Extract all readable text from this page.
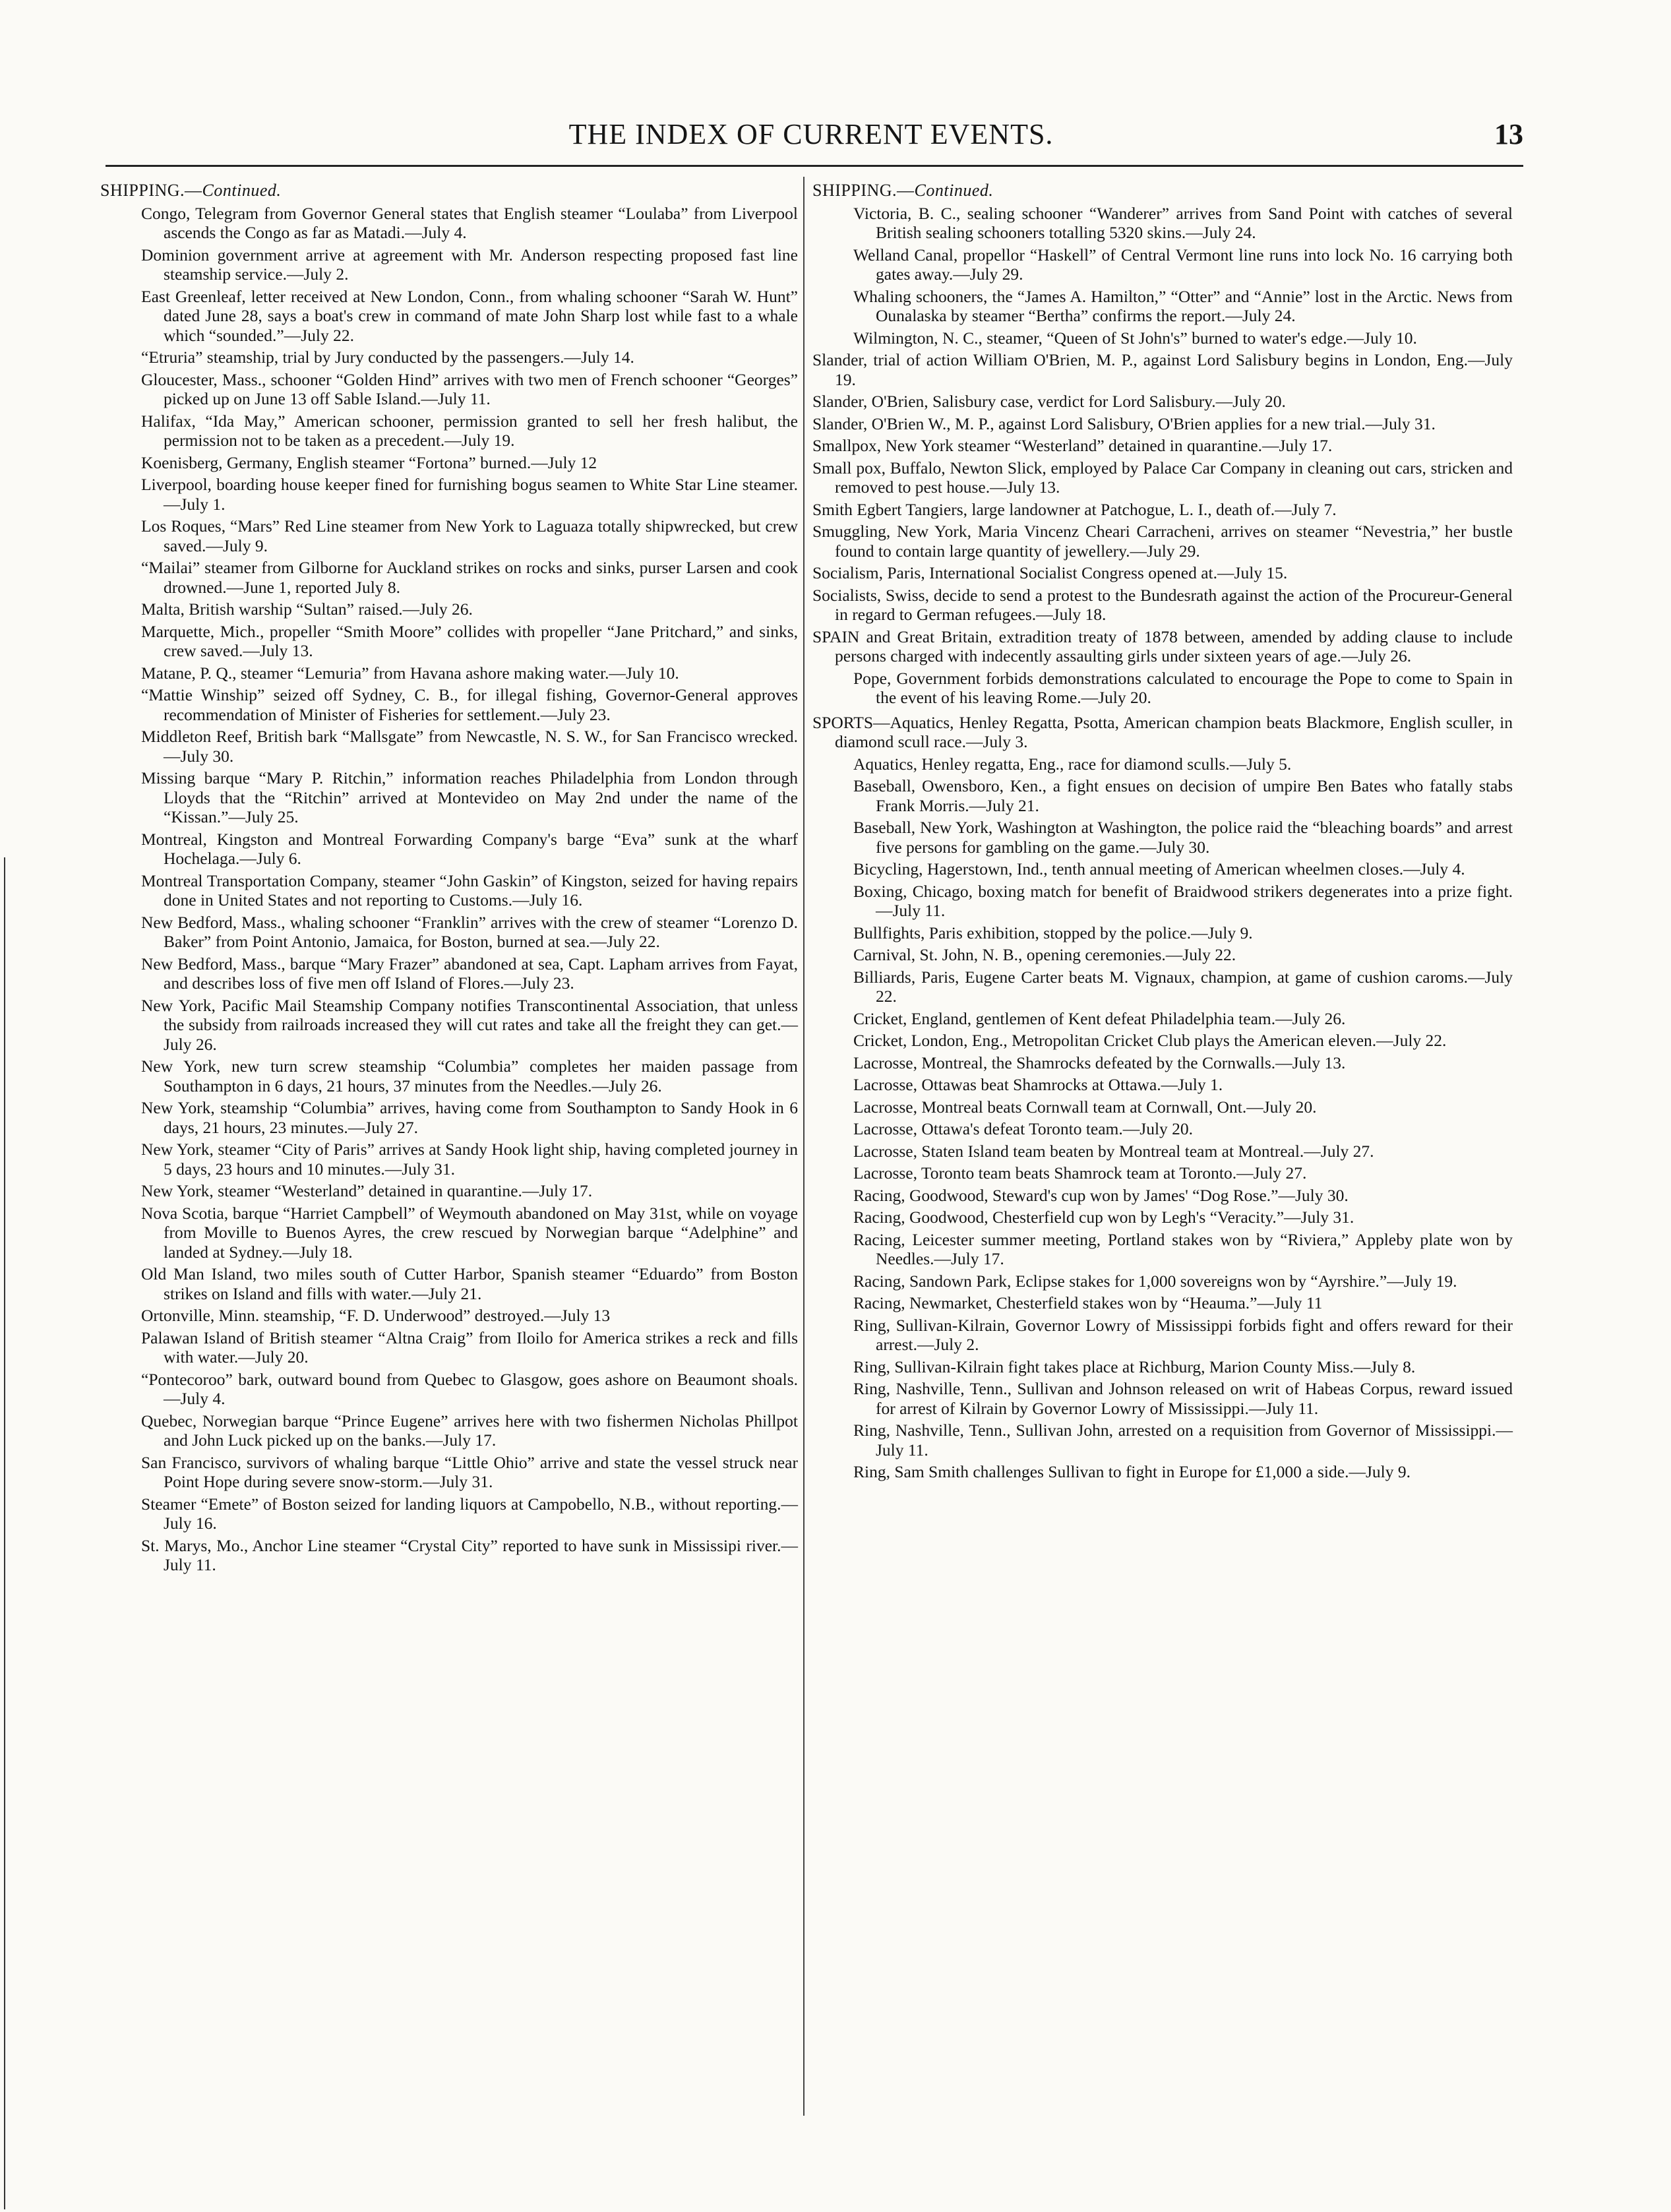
THE INDEX OF CURRENT EVENTS.	13
SHIPPING.—Continued.
Congo, Telegram from Governor General states that English steamer “Loulaba” from Liverpool ascends the Congo as far as Matadi.—July 4.
Dominion government arrive at agreement with Mr. Anderson respecting proposed fast line steamship service.—July 2.
East Greenleaf, letter received at New London, Conn., from whaling schooner “Sarah W. Hunt” dated June 28, says a boat's crew in command of mate John Sharp lost while fast to a whale which “sounded.”—July 22.
“Etruria” steamship, trial by Jury conducted by the passengers.—July 14.
Gloucester, Mass., schooner “Golden Hind” arrives with two men of French schooner “Georges” picked up on June 13 off Sable Island.—July 11.
Halifax, “Ida May,” American schooner, permission granted to sell her fresh halibut, the permission not to be taken as a precedent.—July 19.
Koenisberg, Germany, English steamer “Fortona” burned.—July 12
Liverpool, boarding house keeper fined for furnishing bogus seamen to White Star Line steamer.—July 1.
Los Roques, “Mars” Red Line steamer from New York to Laguaza totally shipwrecked, but crew saved.—July 9.
“Mailai” steamer from Gilborne for Auckland strikes on rocks and sinks, purser Larsen and cook drowned.—June 1, reported July 8.
Malta, British warship “Sultan” raised.—July 26.
Marquette, Mich., propeller “Smith Moore” collides with propeller “Jane Pritchard,” and sinks, crew saved.—July 13.
Matane, P. Q., steamer “Lemuria” from Havana ashore making water.—July 10.
“Mattie Winship” seized off Sydney, C. B., for illegal fishing, Governor-General approves recommendation of Minister of Fisheries for settlement.—July 23.
Middleton Reef, British bark “Mallsgate” from Newcastle, N. S. W., for San Francisco wrecked.—July 30.
Missing barque “Mary P. Ritchin,” information reaches Philadelphia from London through Lloyds that the “Ritchin” arrived at Montevideo on May 2nd under the name of the “Kissan.”—July 25.
Montreal, Kingston and Montreal Forwarding Company's barge “Eva” sunk at the wharf Hochelaga.—July 6.
Montreal Transportation Company, steamer “John Gaskin” of Kingston, seized for having repairs done in United States and not reporting to Customs.—July 16.
New Bedford, Mass., whaling schooner “Franklin” arrives with the crew of steamer “Lorenzo D. Baker” from Point Antonio, Jamaica, for Boston, burned at sea.—July 22.
New Bedford, Mass., barque “Mary Frazer” abandoned at sea, Capt. Lapham arrives from Fayat, and describes loss of five men off Island of Flores.—July 23.
New York, Pacific Mail Steamship Company notifies Transcontinental Association, that unless the subsidy from railroads increased they will cut rates and take all the freight they can get.—July 26.
New York, new turn screw steamship “Columbia” completes her maiden passage from Southampton in 6 days, 21 hours, 37 minutes from the Needles.—July 26.
New York, steamship “Columbia” arrives, having come from Southampton to Sandy Hook in 6 days, 21 hours, 23 minutes.—July 27.
New York, steamer “City of Paris” arrives at Sandy Hook light ship, having completed journey in 5 days, 23 hours and 10 minutes.—July 31.
New York, steamer “Westerland” detained in quarantine.—July 17.
Nova Scotia, barque “Harriet Campbell” of Weymouth abandoned on May 31st, while on voyage from Moville to Buenos Ayres, the crew rescued by Norwegian barque “Adelphine” and landed at Sydney.—July 18.
Old Man Island, two miles south of Cutter Harbor, Spanish steamer “Eduardo” from Boston strikes on Island and fills with water.—July 21.
Ortonville, Minn. steamship, “F. D. Underwood” destroyed.—July 13
Palawan Island of British steamer “Altna Craig” from Iloilo for America strikes a reck and fills with water.—July 20.
“Pontecoroo” bark, outward bound from Quebec to Glasgow, goes ashore on Beaumont shoals.—July 4.
Quebec, Norwegian barque “Prince Eugene” arrives here with two fishermen Nicholas Phillpot and John Luck picked up on the banks.—July 17.
San Francisco, survivors of whaling barque “Little Ohio” arrive and state the vessel struck near Point Hope during severe snow-storm.—July 31.
Steamer “Emete” of Boston seized for landing liquors at Campobello, N.B., without reporting.—July 16.
St. Marys, Mo., Anchor Line steamer “Crystal City” reported to have sunk in Mississipi river.—July 11.
SHIPPING.—Continued.
Victoria, B. C., sealing schooner “Wanderer” arrives from Sand Point with catches of several British sealing schooners totalling 5320 skins.—July 24.
Welland Canal, propellor “Haskell” of Central Vermont line runs into lock No. 16 carrying both gates away.—July 29.
Whaling schooners, the “James A. Hamilton,” “Otter” and “Annie” lost in the Arctic. News from Ounalaska by steamer “Bertha” confirms the report.—July 24.
Wilmington, N. C., steamer, “Queen of St John's” burned to water's edge.—July 10.
Slander, trial of action William O'Brien, M. P., against Lord Salisbury begins in London, Eng.—July 19.
Slander, O'Brien, Salisbury case, verdict for Lord Salisbury.—July 20.
Slander, O'Brien W., M. P., against Lord Salisbury, O'Brien applies for a new trial.—July 31.
Smallpox, New York steamer “Westerland” detained in quarantine.—July 17.
Small pox, Buffalo, Newton Slick, employed by Palace Car Company in cleaning out cars, stricken and removed to pest house.—July 13.
Smith Egbert Tangiers, large landowner at Patchogue, L. I., death of.—July 7.
Smuggling, New York, Maria Vincenz Cheari Carracheni, arrives on steamer “Nevestria,” her bustle found to contain large quantity of jewellery.—July 29.
Socialism, Paris, International Socialist Congress opened at.—July 15.
Socialists, Swiss, decide to send a protest to the Bundesrath against the action of the Procureur-General in regard to German refugees.—July 18.
SPAIN and Great Britain, extradition treaty of 1878 between, amended by adding clause to include persons charged with indecently assaulting girls under sixteen years of age.—July 26.
Pope, Government forbids demonstrations calculated to encourage the Pope to come to Spain in the event of his leaving Rome.—July 20.
SPORTS—Aquatics, Henley Regatta, Psotta, American champion beats Blackmore, English sculler, in diamond scull race.—July 3.
Aquatics, Henley regatta, Eng., race for diamond sculls.—July 5.
Baseball, Owensboro, Ken., a fight ensues on decision of umpire Ben Bates who fatally stabs Frank Morris.—July 21.
Baseball, New York, Washington at Washington, the police raid the “bleaching boards” and arrest five persons for gambling on the game.—July 30.
Bicycling, Hagerstown, Ind., tenth annual meeting of American wheelmen closes.—July 4.
Boxing, Chicago, boxing match for benefit of Braidwood strikers degenerates into a prize fight.—July 11.
Bullfights, Paris exhibition, stopped by the police.—July 9.
Carnival, St. John, N. B., opening ceremonies.—July 22.
Billiards, Paris, Eugene Carter beats M. Vignaux, champion, at game of cushion caroms.—July 22.
Cricket, England, gentlemen of Kent defeat Philadelphia team.—July 26.
Cricket, London, Eng., Metropolitan Cricket Club plays the American eleven.—July 22.
Lacrosse, Montreal, the Shamrocks defeated by the Cornwalls.—July 13.
Lacrosse, Ottawas beat Shamrocks at Ottawa.—July 1.
Lacrosse, Montreal beats Cornwall team at Cornwall, Ont.—July 20.
Lacrosse, Ottawa's defeat Toronto team.—July 20.
Lacrosse, Staten Island team beaten by Montreal team at Montreal.—July 27.
Lacrosse, Toronto team beats Shamrock team at Toronto.—July 27.
Racing, Goodwood, Steward's cup won by James' “Dog Rose.”—July 30.
Racing, Goodwood, Chesterfield cup won by Legh's “Veracity.”—July 31.
Racing, Leicester summer meeting, Portland stakes won by “Riviera,” Appleby plate won by Needles.—July 17.
Racing, Sandown Park, Eclipse stakes for 1,000 sovereigns won by “Ayrshire.”—July 19.
Racing, Newmarket, Chesterfield stakes won by “Heauma.”—July 11
Ring, Sullivan-Kilrain, Governor Lowry of Mississippi forbids fight and offers reward for their arrest.—July 2.
Ring, Sullivan-Kilrain fight takes place at Richburg, Marion County Miss.—July 8.
Ring, Nashville, Tenn., Sullivan and Johnson released on writ of Habeas Corpus, reward issued for arrest of Kilrain by Governor Lowry of Mississippi.—July 11.
Ring, Nashville, Tenn., Sullivan John, arrested on a requisition from Governor of Mississippi.—July 11.
Ring, Sam Smith challenges Sullivan to fight in Europe for £1,000 a side.—July 9.
